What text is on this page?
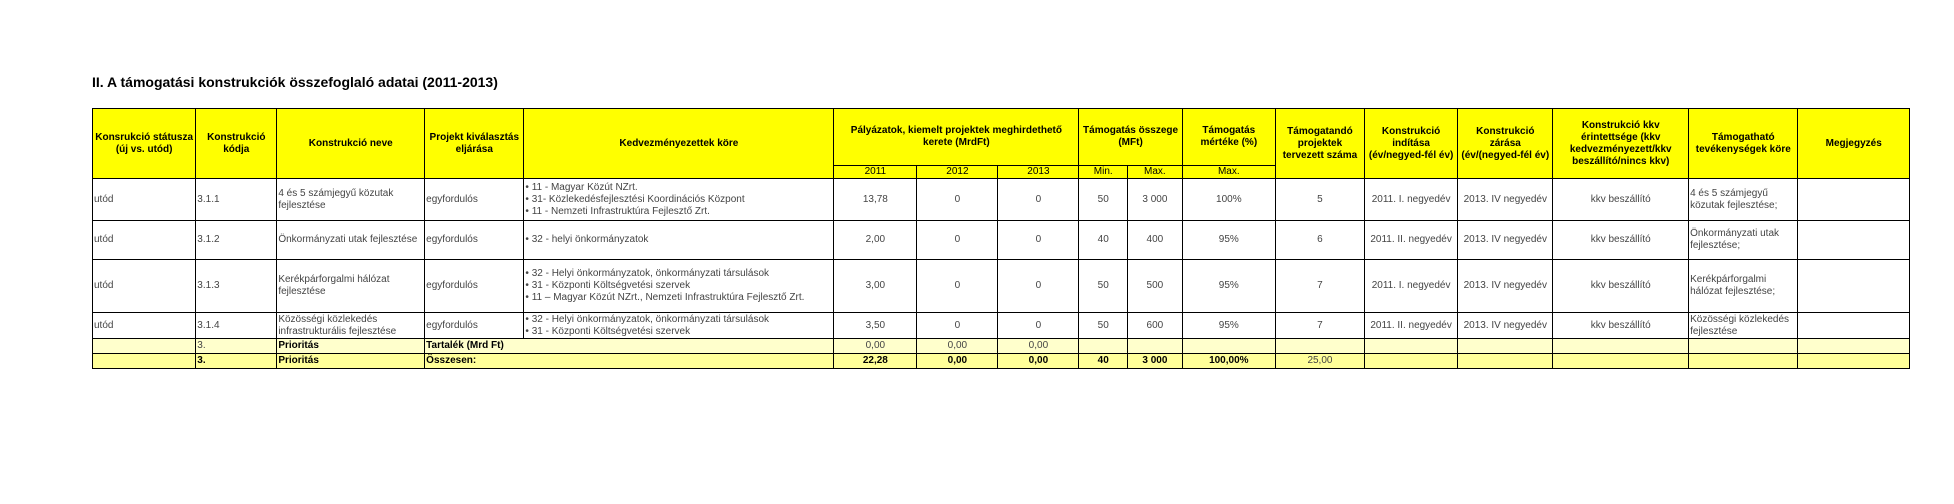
II. A támogatási konstrukciók összefoglaló adatai (2011-2013)
Konsrukció státusza (új vs. utód)	Konstrukció kódja	Konstrukció neve	Projekt kiválasztás eljárása	Kedvezményezettek köre	Pályázatok, kiemelt projektek meghirdethető kerete (MrdFt)			Támogatás összege (MFt)		Támogatás mértéke (%)	Támogatandó projektek tervezett száma	Konstrukció indítása (év/negyed-fél év)	Konstrukció zárása (év/(negyed-fél év)	Konstrukció kkv érintettsége (kkv kedvezményezett/kkv beszállító/nincs kkv)	Támogatható tevékenységek köre	Megjegyzés
					2011	2012	2013	Min.	Max.	Max.						
utód	3.1.1	4 és 5 számjegyű közutak fejlesztése	egyfordulós	• 11 - Magyar Közút NZrt.
• 31- Közlekedésfejlesztési Koordinációs Központ
• 11 - Nemzeti Infrastruktúra Fejlesztő Zrt.	13,78	0	0	50	3 000	100%	5	2011. I. negyedév	2013. IV negyedév	kkv beszállító	4 és 5 számjegyű közutak fejlesztése;	
utód	3.1.2	Önkormányzati utak fejlesztése	egyfordulós	• 32 - helyi önkormányzatok	2,00	0	0	40	400	95%	6	2011. II. negyedév	2013. IV negyedév	kkv beszállító	Önkormányzati utak fejlesztése;	
utód	3.1.3	Kerékpárforgalmi hálózat fejlesztése	egyfordulós	• 32 - Helyi önkormányzatok, önkormányzati társulások
• 31 - Központi Költségvetési szervek
• 11 – Magyar Közút NZrt., Nemzeti Infrastruktúra Fejlesztő Zrt.	3,00	0	0	50	500	95%	7	2011. I. negyedév	2013. IV negyedév	kkv beszállító	Kerékpárforgalmi hálózat fejlesztése;	
utód	3.1.4	Közösségi közlekedés infrastrukturális fejlesztése	egyfordulós	• 32 - Helyi önkormányzatok, önkormányzati társulások
• 31 - Központi Költségvetési szervek	3,50	0	0	50	600	95%	7	2011. II. negyedév	2013. IV negyedév	kkv beszállító	Közösségi közlekedés fejlesztése	
	3.	Prioritás	Tartalék (Mrd Ft)		0,00	0,00	0,00									
	3.	Prioritás	Összesen:		22,28	0,00	0,00	40	3 000	100,00%	25,00					
